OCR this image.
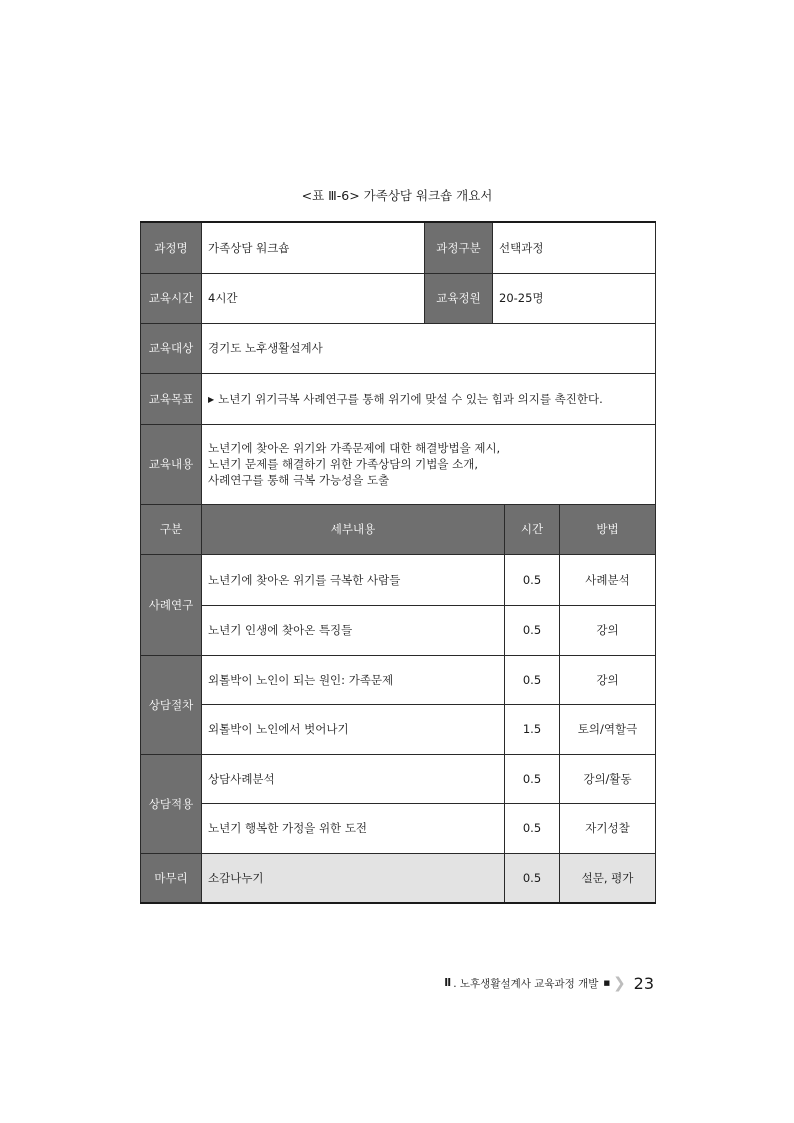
<표 Ⅲ-6> 가족상담 워크숍 개요서
과정명	가족상담 워크숍	과정구분	선택과정		
교육시간	4시간	교육정원	20-25명		
교육대상	경기도 노후생활설계사				
교육목표	▶ 노년기 위기극복 사례연구를 통해 위기에 맞설 수 있는 힘과 의지를 촉진한다.				
교육내용	노년기에 찾아온 위기와 가족문제에 대한 해결방법을 제시,
노년기 문제를 해결하기 위한 가족상담의 기법을 소개,
사례연구를 통해 극복 가능성을 도출				

구분	세부내용			시간	방법
사례연구	노년기에 찾아온 위기를 극복한 사람들			0.5	사례분석
	노년기 인생에 찾아온 특징들			0.5	강의
상담절차	외톨박이 노인이 되는 원인: 가족문제			0.5	강의
	외톨박이 노인에서 벗어나기			1.5	토의/역할극
상담적용	상담사례분석			0.5	강의/활동
	노년기 행복한 가정을 위한 도전			0.5	자기성찰
마무리	소감나누기			0.5	설문, 평가
Ⅱ . 노후생활설계사 교육과정 개발 ■ ❯ 23
